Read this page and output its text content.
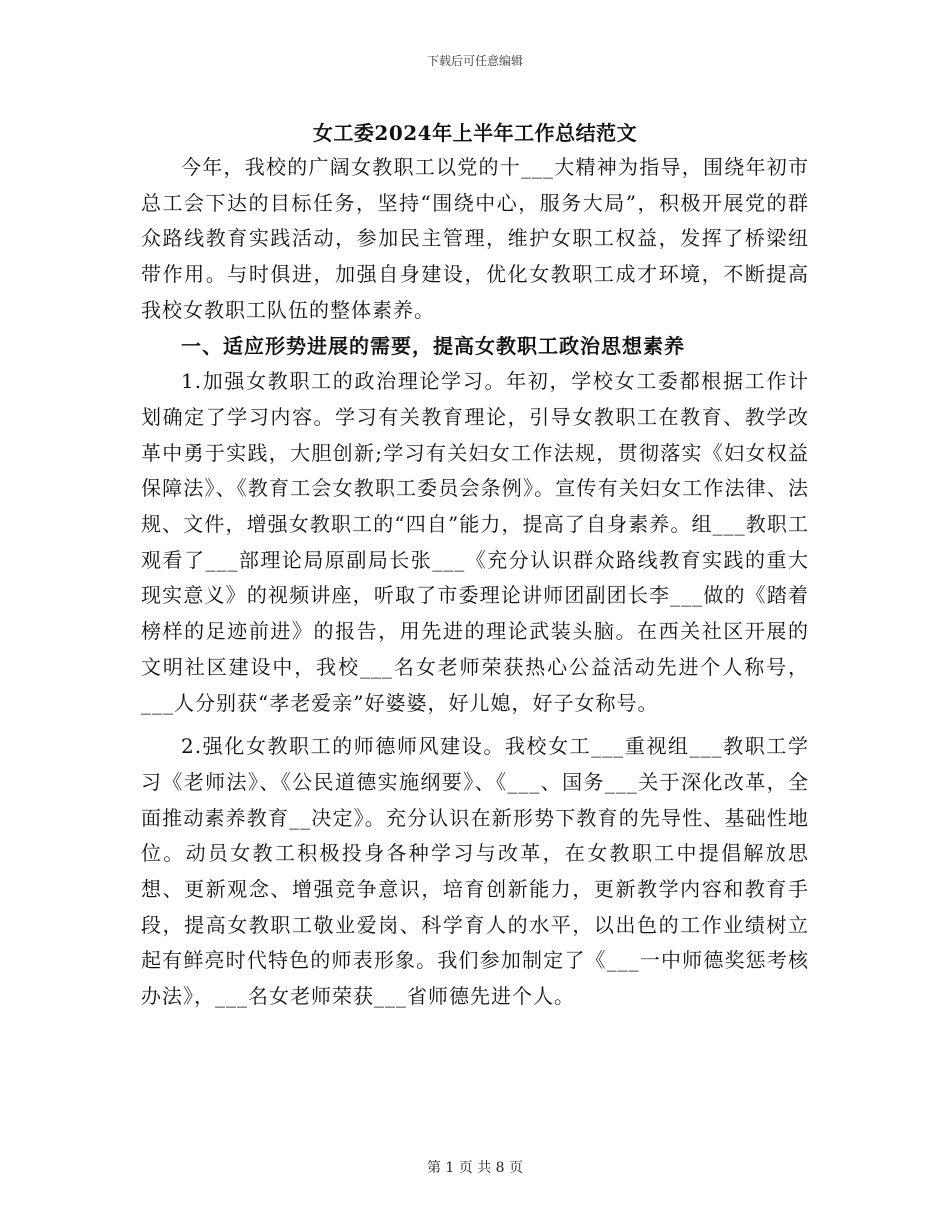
下载后可任意编辑
女工委2024年上半年工作总结范文

今年，我校的广阔女教职工以党的十___大精神为指导，围绕年初市总工会下达的目标任务，坚持“围绕中心，服务大局”，积极开展党的群众路线教育实践活动，参加民主管理，维护女职工权益，发挥了桥梁纽带作用。与时俱进，加强自身建设，优化女教职工成才环境，不断提高我校女教职工队伍的整体素养。

一、适应形势进展的需要，提高女教职工政治思想素养

1.加强女教职工的政治理论学习。年初，学校女工委都根据工作计划确定了学习内容。学习有关教育理论，引导女教职工在教育、教学改革中勇于实践，大胆创新;学习有关妇女工作法规，贯彻落实《妇女权益保障法》、《教育工会女教职工委员会条例》。宣传有关妇女工作法律、法规、文件，增强女教职工的“四自”能力，提高了自身素养。组___教职工观看了___部理论局原副局长张___《充分认识群众路线教育实践的重大现实意义》的视频讲座，听取了市委理论讲师团副团长李___做的《踏着榜样的足迹前进》的报告，用先进的理论武装头脑。在西关社区开展的文明社区建设中，我校___名女老师荣获热心公益活动先进个人称号，___人分别获“孝老爱亲”好婆婆，好儿媳，好子女称号。

2.强化女教职工的师德师风建设。我校女工___重视组___教职工学习《老师法》、《公民道德实施纲要》、《___、国务___关于深化改革，全面推动素养教育__决定》。充分认识在新形势下教育的先导性、基础性地位。动员女教工积极投身各种学习与改革，在女教职工中提倡解放思想、更新观念、增强竞争意识，培育创新能力，更新教学内容和教育手段，提高女教职工敬业爱岗、科学育人的水平，以出色的工作业绩树立起有鲜亮时代特色的师表形象。我们参加制定了《___一中师德奖惩考核办法》，___名女老师荣获___省师德先进个人。

第 1 页 共 8 页
